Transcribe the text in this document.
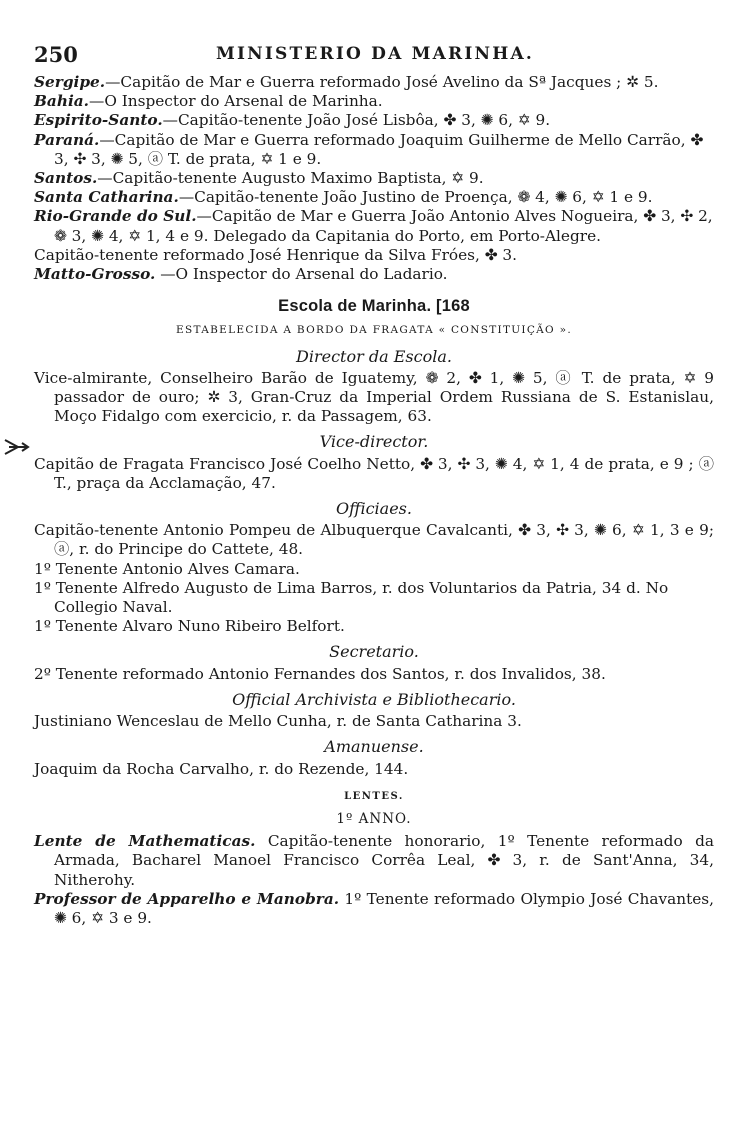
250	MINISTERIO DA MARINHA.

Sergipe.—Capitão de Mar e Guerra reformado José Avelino da Sª Jacques ; ✲ 5.

Bahia.—O Inspector do Arsenal de Marinha.

Espirito-Santo.—Capitão-tenente João José Lisbôa, ✤ 3, ✺ 6, ✡ 9.

Paraná.—Capitão de Mar e Guerra reformado Joaquim Guilherme de Mello Carrão, ✤ 3, ✣ 3, ✺ 5, ⓐ T. de prata, ✡ 1 e 9.

Santos.—Capitão-tenente Augusto Maximo Baptista, ✡ 9.

Santa Catharina.—Capitão-tenente João Justino de Proença, ❁ 4, ✺ 6, ✡ 1 e 9.

Rio-Grande do Sul.—Capitão de Mar e Guerra João Antonio Alves Nogueira, ✤ 3, ✣ 2, ❁ 3, ✺ 4, ✡ 1, 4 e 9. Delegado da Capitania do Porto, em Porto-Alegre.

Capitão-tenente reformado José Henrique da Silva Fróes, ✤ 3.

Matto-Grosso. —O Inspector do Arsenal do Ladario.

Escola de Marinha. [168

ESTABELECIDA A BORDO DA FRAGATA « CONSTITUIÇÃO ».

Director da Escola.

Vice-almirante, Conselheiro Barão de Iguatemy, ❁ 2, ✤ 1, ✺ 5, ⓐ T. de prata, ✡ 9 passador de ouro; ✲ 3, Gran-Cruz da Imperial Ordem Russiana de S. Estanislau, Moço Fidalgo com exercicio, r. da Passagem, 63.

Vice-director.

Capitão de Fragata Francisco José Coelho Netto, ✤ 3, ✣ 3, ✺ 4, ✡ 1, 4 de prata, e 9 ; ⓐ T., praça da Acclamação, 47.

Officiaes.

Capitão-tenente Antonio Pompeu de Albuquerque Cavalcanti, ✤ 3, ✣ 3, ✺ 6, ✡ 1, 3 e 9; ⓐ, r. do Principe do Cattete, 48.

1º Tenente Antonio Alves Camara.

1º Tenente Alfredo Augusto de Lima Barros, r. dos Voluntarios da Patria, 34 d. No Collegio Naval.

1º Tenente Alvaro Nuno Ribeiro Belfort.

Secretario.

2º Tenente reformado Antonio Fernandes dos Santos, r. dos Invalidos, 38.

Official Archivista e Bibliothecario.

Justiniano Wenceslau de Mello Cunha, r. de Santa Catharina 3.

Amanuense.

Joaquim da Rocha Carvalho, r. do Rezende, 144.

LENTES.

1º ANNO.

Lente de Mathematicas. Capitão-tenente honorario, 1º Tenente reformado da Armada, Bacharel Manoel Francisco Corrêa Leal, ✤ 3, r. de Sant'Anna, 34, Nitherohy.

Professor de Apparelho e Manobra. 1º Tenente reformado Olympio José Chavantes, ✺ 6, ✡ 3 e 9.
